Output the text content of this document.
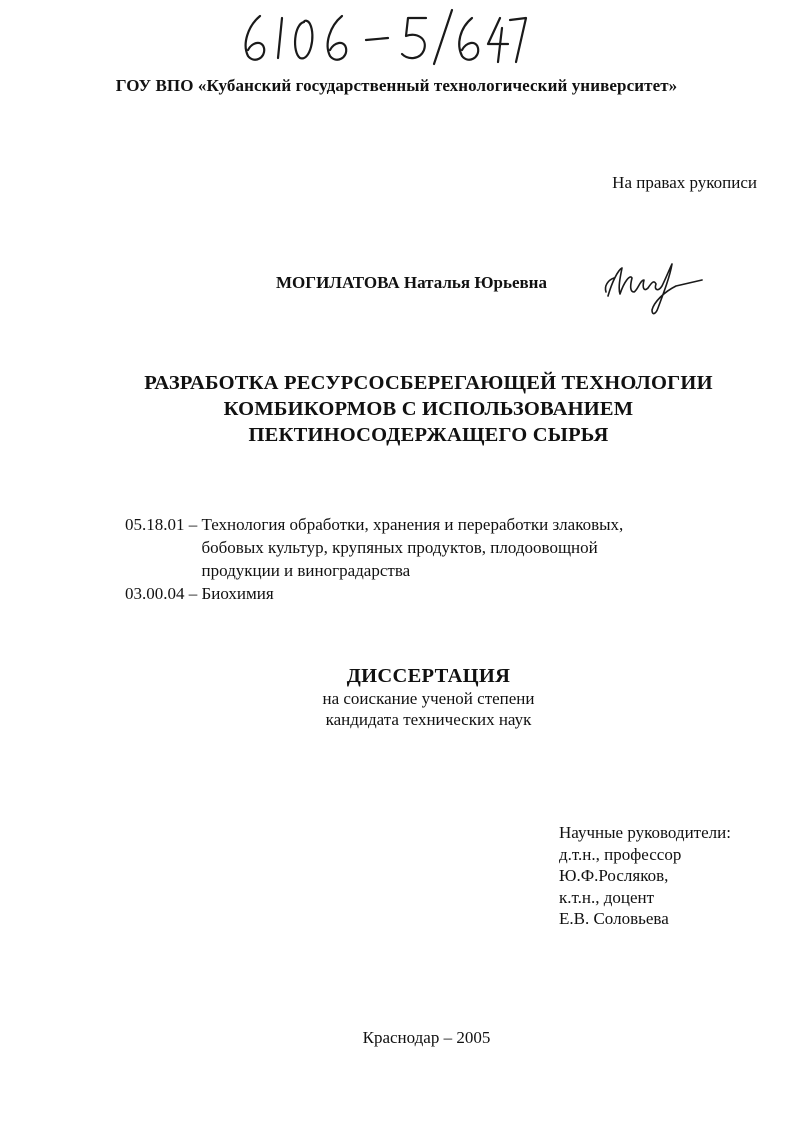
ГОУ ВПО «Кубанский государственный технологический университет»
На правах рукописи
МОГИЛАТОВА Наталья Юрьевна
РАЗРАБОТКА РЕСУРСОСБЕРЕГАЮЩЕЙ ТЕХНОЛОГИИ
КОМБИКОРМОВ С ИСПОЛЬЗОВАНИЕМ
ПЕКТИНОСОДЕРЖАЩЕГО СЫРЬЯ
05.18.01 – Технология обработки, хранения и переработки злаковых,
бобовых культур, крупяных продуктов, плодоовощной
продукции и виноградарства
03.00.04 – Биохимия
ДИССЕРТАЦИЯ
на соискание ученой степени
кандидата технических наук
Научные руководители:
д.т.н., профессор
Ю.Ф.Росляков,
к.т.н., доцент
Е.В. Соловьева
Краснодар – 2005
